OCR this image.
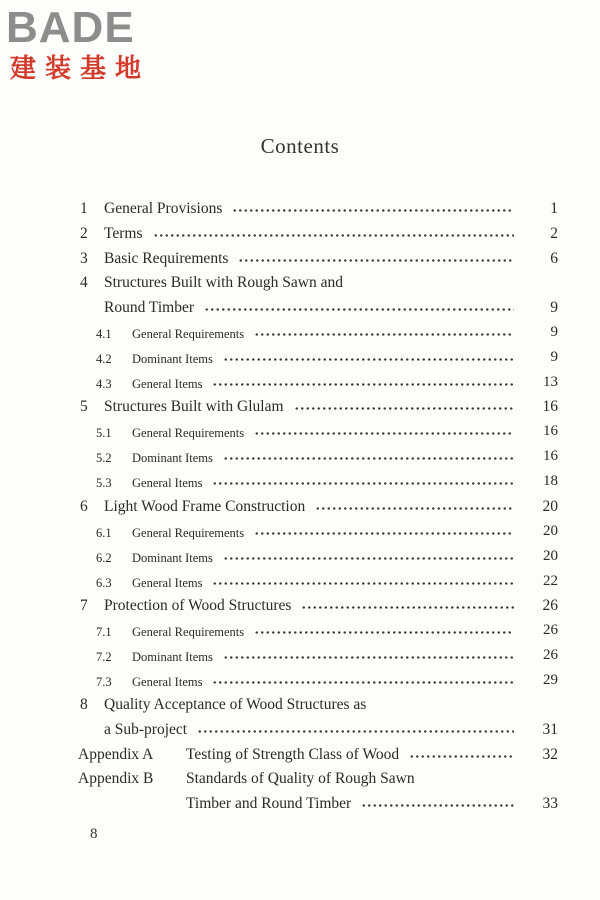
BADE
建装基地
Contents
1 General Provisions	1
2 Terms	2
3 Basic Requirements	6
4 Structures Built with Rough Sawn and
Round Timber	9
4.1 General Requirements	9
4.2 Dominant Items	9
4.3 General Items	13
5 Structures Built with Glulam	16
5.1 General Requirements	16
5.2 Dominant Items	16
5.3 General Items	18
6 Light Wood Frame Construction	20
6.1 General Requirements	20
6.2 Dominant Items	20
6.3 General Items	22
7 Protection of Wood Structures	26
7.1 General Requirements	26
7.2 Dominant Items	26
7.3 General Items	29
8 Quality Acceptance of Wood Structures as
a Sub-project	31
Appendix A Testing of Strength Class of Wood	32
Appendix B Standards of Quality of Rough Sawn
Timber and Round Timber	33
8
